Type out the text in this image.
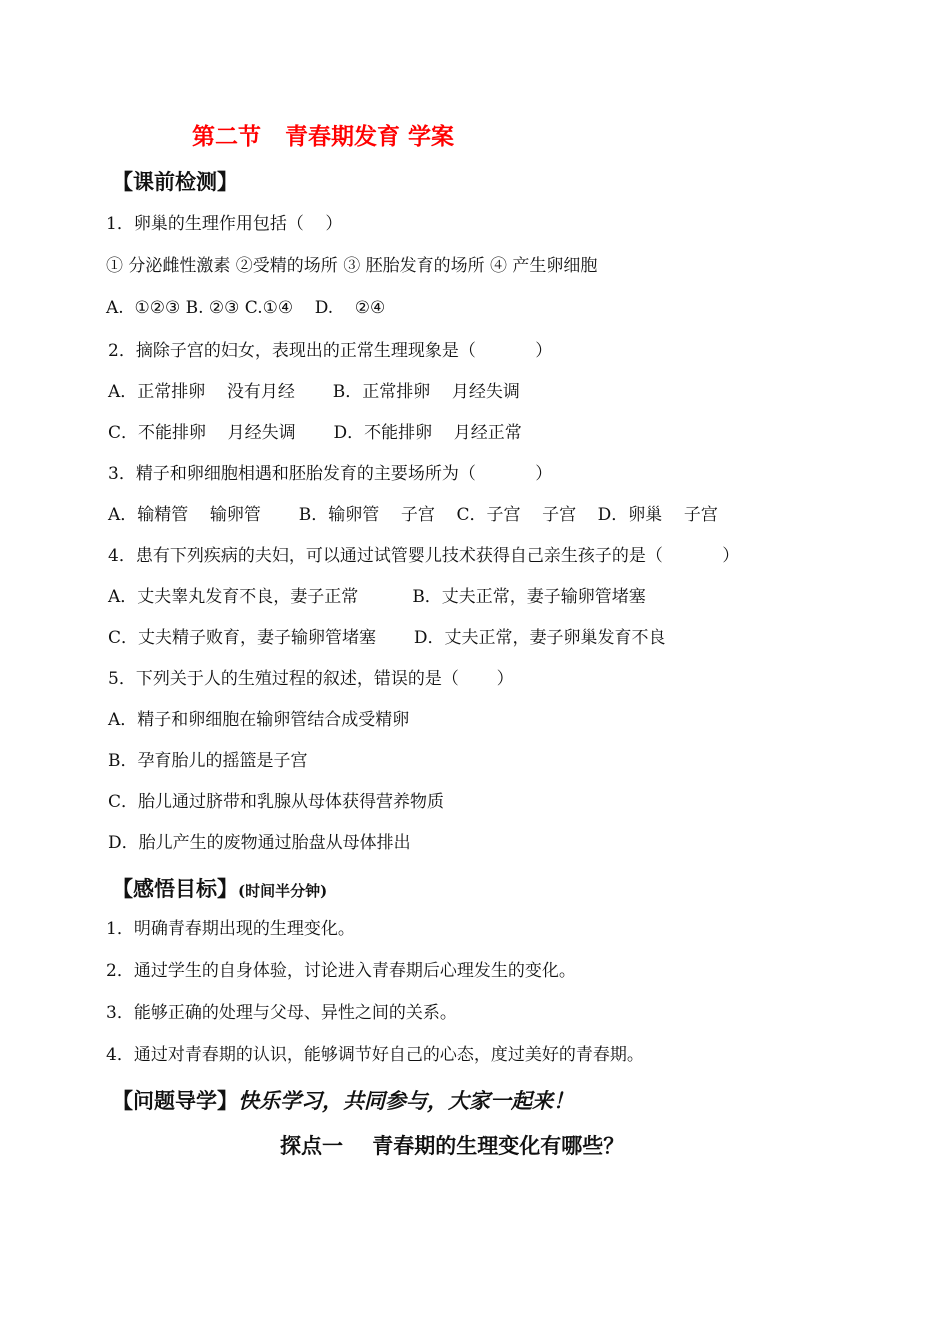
第二节   青春期发育 学案
【课前检测】
1．卵巢的生理作用包括（    ）
① 分泌雌性激素 ②受精的场所 ③ 胚胎发育的场所 ④ 产生卵细胞
A.  ①②③ B. ②③ C.①④    D.    ②④
2．摘除子宫的妇女，表现出的正常生理现象是（           ）
A．正常排卵    没有月经       B．正常排卵    月经失调
C．不能排卵    月经失调       D．不能排卵    月经正常
3．精子和卵细胞相遇和胚胎发育的主要场所为（           ）
A．输精管    输卵管       B．输卵管    子宫    C．子宫    子宫    D．卵巢    子宫
4．患有下列疾病的夫妇，可以通过试管婴儿技术获得自己亲生孩子的是（           ）
A．丈夫睾丸发育不良，妻子正常          B．丈夫正常，妻子输卵管堵塞
C．丈夫精子败育，妻子输卵管堵塞       D．丈夫正常，妻子卵巢发育不良
5．下列关于人的生殖过程的叙述，错误的是（       ）
A．精子和卵细胞在输卵管结合成受精卵
B．孕育胎儿的摇篮是子宫
C．胎儿通过脐带和乳腺从母体获得营养物质
D．胎儿产生的废物通过胎盘从母体排出
【感悟目标】(时间半分钟)
1．明确青春期出现的生理变化。
2．通过学生的自身体验，讨论进入青春期后心理发生的变化。
3．能够正确的处理与父母、异性之间的关系。
4．通过对青春期的认识，能够调节好自己的心态，度过美好的青春期。
【问题导学】快乐学习，共同参与，大家一起来！
探点一    青春期的生理变化有哪些？
